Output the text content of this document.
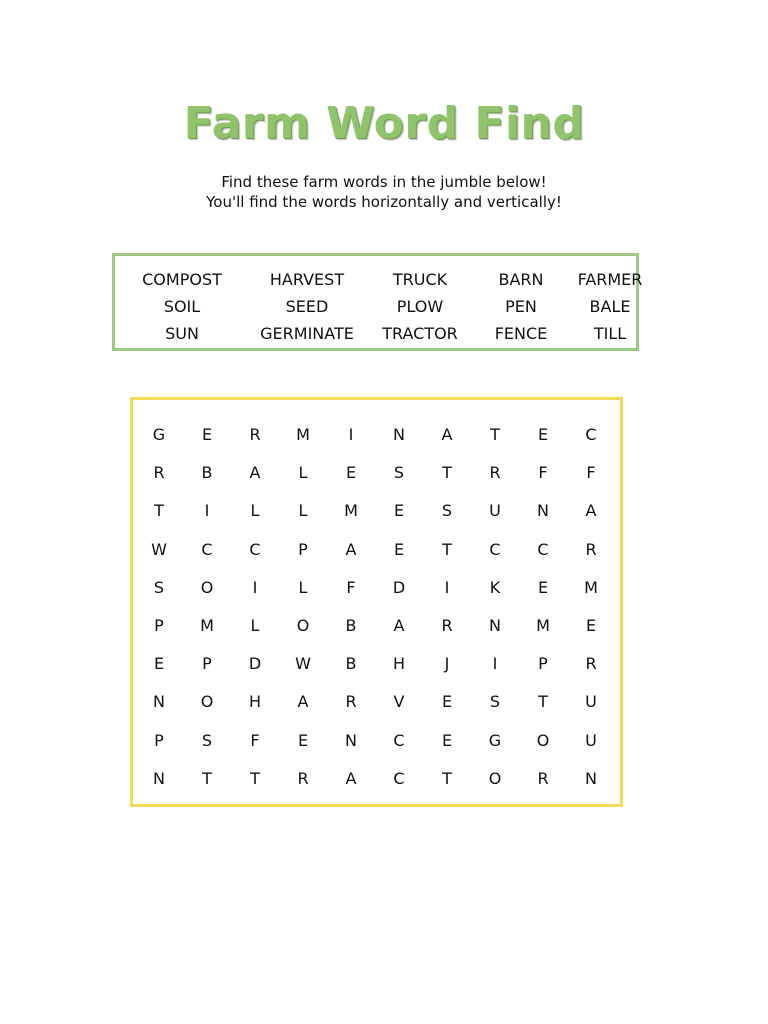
Farm Word Find
Find these farm words in the jumble below!
You'll find the words horizontally and vertically!
COMPOST	HARVEST	TRUCK	BARN	FARMER
SOIL	SEED	PLOW	PEN	BALE
SUN	GERMINATE	TRACTOR	FENCE	TILL
G	E	R	M	I	N	A	T	E	C
R	B	A	L	E	S	T	R	F	F
T	I	L	L	M	E	S	U	N	A
W	C	C	P	A	E	T	C	C	R
S	O	I	L	F	D	I	K	E	M
P	M	L	O	B	A	R	N	M	E
E	P	D	W	B	H	J	I	P	R
N	O	H	A	R	V	E	S	T	U
P	S	F	E	N	C	E	G	O	U
N	T	T	R	A	C	T	O	R	N
